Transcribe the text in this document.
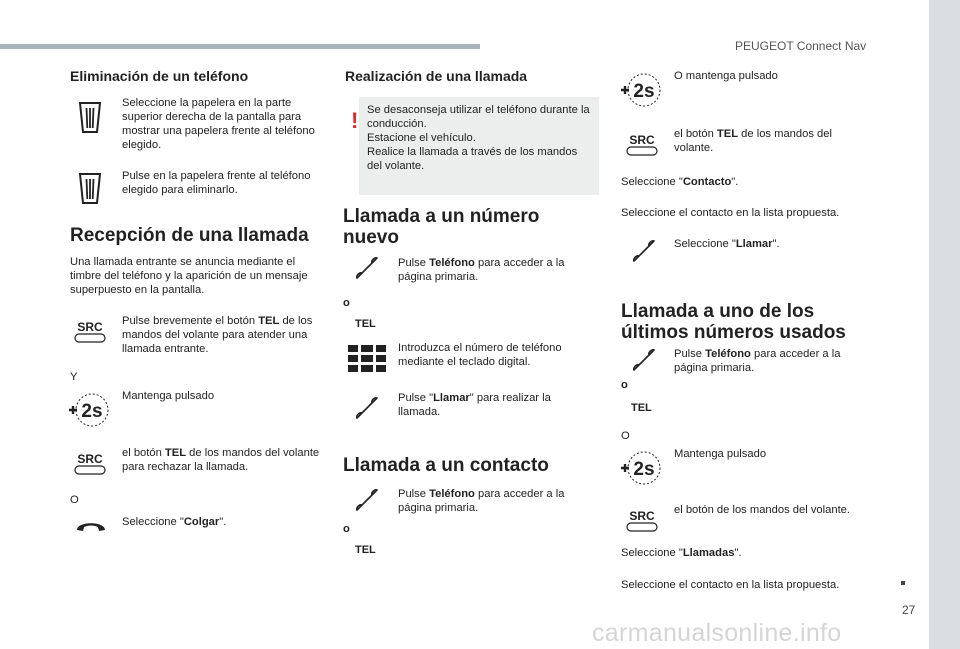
PEUGEOT Connect Nav
27
carmanualsonline.info
Eliminación de un teléfono
Seleccione la papelera en la parte superior derecha de la pantalla para mostrar una papelera frente al teléfono elegido.
Pulse en la papelera frente al teléfono elegido para eliminarlo.
Recepción de una llamada
Una llamada entrante se anuncia mediante el timbre del teléfono y la aparición de un mensaje superpuesto en la pantalla.
SRC	Pulse brevemente el botón TEL de los mandos del volante para atender una llamada entrante.
Y
2s
Mantenga pulsado
SRC	el botón TEL de los mandos del volante para rechazar la llamada.
O
Seleccione "Colgar".
Realización de una llamada
! Se desaconseja utilizar el teléfono durante la conducción.
Estacione el vehículo.
Realice la llamada a través de los mandos del volante.
Llamada a un número nuevo
Pulse Teléfono para acceder a la página primaria.
o
TEL
Introduzca el número de teléfono mediante el teclado digital.
Pulse "Llamar" para realizar la llamada.
Llamada a un contacto
Pulse Teléfono para acceder a la página primaria.
o
TEL
2s
O mantenga pulsado
SRC	el botón TEL de los mandos del volante.
Seleccione "Contacto".
Seleccione el contacto en la lista propuesta.
Seleccione "Llamar".
Llamada a uno de los últimos números usados
Pulse Teléfono para acceder a la página primaria.
o
TEL
O
2s
Mantenga pulsado
SRC	el botón de los mandos del volante.
Seleccione "Llamadas".
Seleccione el contacto en la lista propuesta.
